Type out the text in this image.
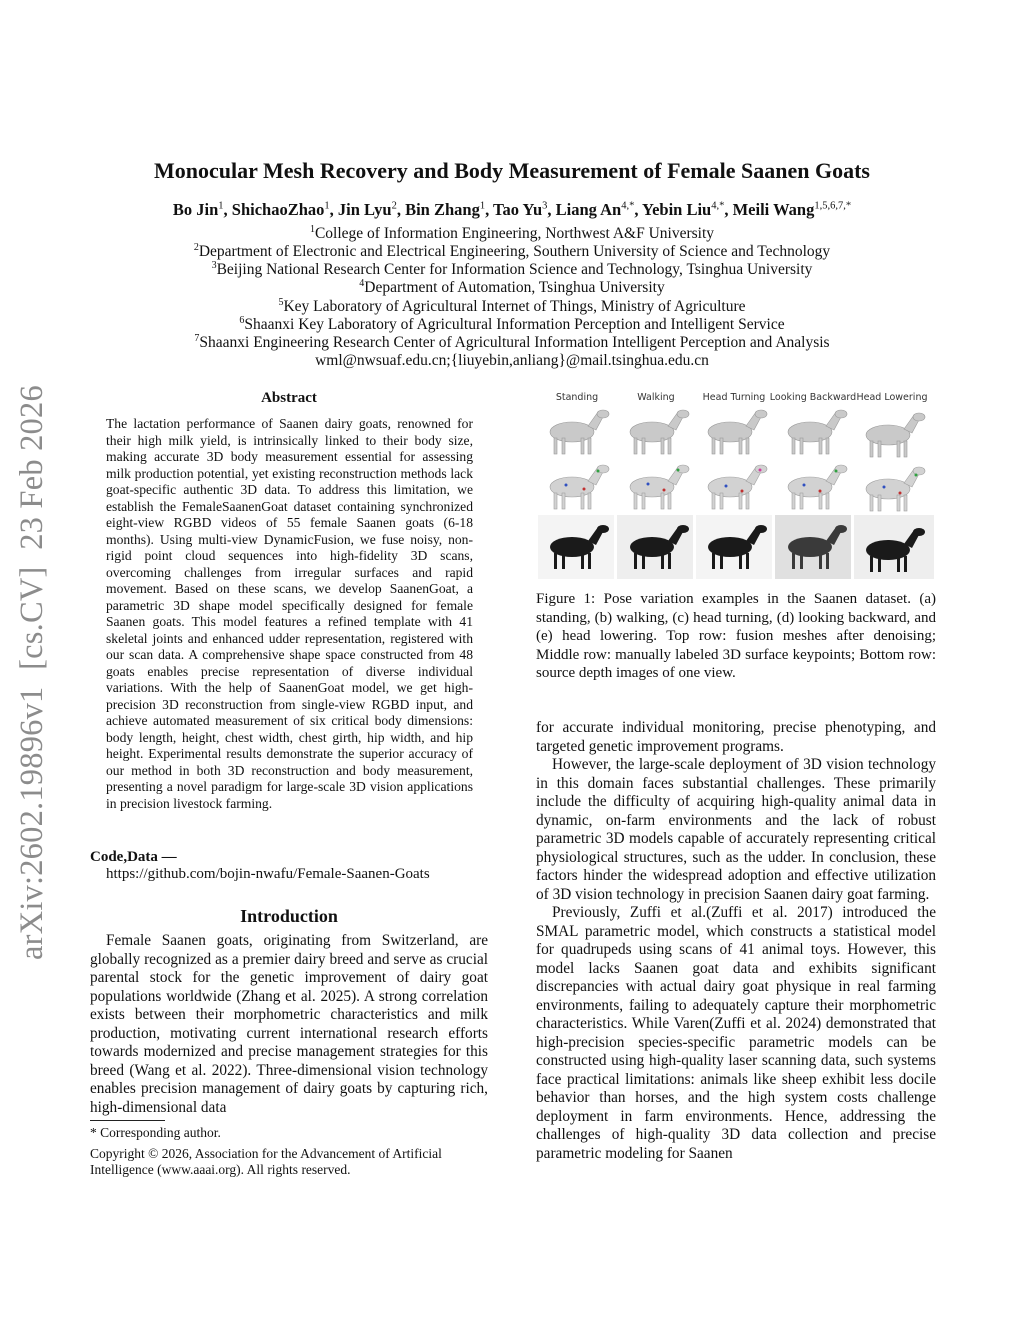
arXiv:2602.19896v1  [cs.CV]  23 Feb 2026
Monocular Mesh Recovery and Body Measurement of Female Saanen Goats
Bo Jin$^1$, ShichaoZhao$^1$, Jin Lyu$^2$, Bin Zhang$^1$, Tao Yu$^3$, Liang $An^{4,*}$, Yebin Liu$^{4,*}$, Meili Wang$^{1,5,6,7,*}$
$^1$College of Information Engineering, Northwest A&F University
$^2$Department of Electronic and Electrical Engineering, Southern University of Science and Technology
$^3$Beijing National Research Center for Information Science and Technology, Tsinghua University
$^4$Department of Automation, Tsinghua University
$^5$Key Laboratory of Agricultural Internet of Things, Ministry of Agriculture
$^6$Shaanxi Key Laboratory of Agricultural Information Perception and Intelligent Service
$^7$Shaanxi Engineering Research Center of Agricultural Information Intelligent Perception and Analysis
wml@nwsuaf.edu.cn;{liuyebin,anliang}@mail.tsinghua.edu.cn
Abstract
The lactation performance of Saanen dairy goats, renowned for their high milk yield, is intrinsically linked to their body size, making accurate 3D body measurement essential for assessing milk production potential, yet existing reconstruction methods lack goat-specific authentic 3D data. To address this limitation, we establish the FemaleSaanenGoat dataset containing synchronized eight-view RGBD videos of 55 female Saanen goats (6-18 months). Using multi-view DynamicFusion, we fuse noisy, non-rigid point cloud sequences into high-fidelity 3D scans, overcoming challenges from irregular surfaces and rapid movement. Based on these scans, we develop SaanenGoat, a parametric 3D shape model specifically designed for female Saanen goats. This model features a refined template with 41 skeletal joints and enhanced udder representation, registered with our scan data. A comprehensive shape space constructed from 48 goats enables precise representation of diverse individual variations. With the help of SaanenGoat model, we get high-precision 3D reconstruction from single-view RGBD input, and achieve automated measurement of six critical body dimensions: body length, height, chest width, chest girth, hip width, and hip height. Experimental results demonstrate the superior accuracy of our method in both 3D reconstruction and body measurement, presenting a novel paradigm for large-scale 3D vision applications in precision livestock farming.
Code,Data —
https://github.com/bojin-nwafu/Female-Saanen-Goats
Introduction

Female Saanen goats, originating from Switzerland, are globally recognized as a premier dairy breed and serve as crucial parental stock for the genetic improvement of dairy goat populations worldwide (Zhang et al. 2025). A strong correlation exists between their morphometric characteristics and milk production, motivating current international research efforts towards modernized and precise management strategies for this breed (Wang et al. 2022). Three-dimensional vision technology enables precision management of dairy goats by capturing rich, high-dimensional data

* Corresponding author.
Copyright © 2026, Association for the Advancement of Artificial Intelligence (www.aaai.org). All rights reserved.
Standing	Walking	Head Turning Looking Backward Head Lowering
Figure 1: Pose variation examples in the Saanen dataset. (a) standing, (b) walking, (c) head turning, (d) looking backward, and (e) head lowering. Top row: fusion meshes after denoising; Middle row: manually labeled 3D surface keypoints; Bottom row: source depth images of one view.

for accurate individual monitoring, precise phenotyping, and targeted genetic improvement programs.

However, the large-scale deployment of 3D vision technology in this domain faces substantial challenges. These primarily include the difficulty of acquiring high-quality animal data in dynamic, on-farm environments and the lack of robust parametric 3D models capable of accurately representing critical physiological structures, such as the udder. In conclusion, these factors hinder the widespread adoption and effective utilization of 3D vision technology in precision Saanen dairy goat farming.

Previously, Zuffi et al.(Zuffi et al. 2017) introduced the SMAL parametric model, which constructs a statistical model for quadrupeds using scans of 41 animal toys. However, this model lacks Saanen goat data and exhibits significant discrepancies with actual dairy goat physique in real farming environments, failing to adequately capture their morphometric characteristics. While Varen(Zuffi et al. 2024) demonstrated that high-precision species-specific parametric models can be constructed using high-quality laser scanning data, such systems face practical limitations: animals like sheep exhibit less docile behavior than horses, and the high system costs challenge deployment in farm environments. Hence, addressing the challenges of high-quality 3D data collection and precise parametric modeling for Saanen
